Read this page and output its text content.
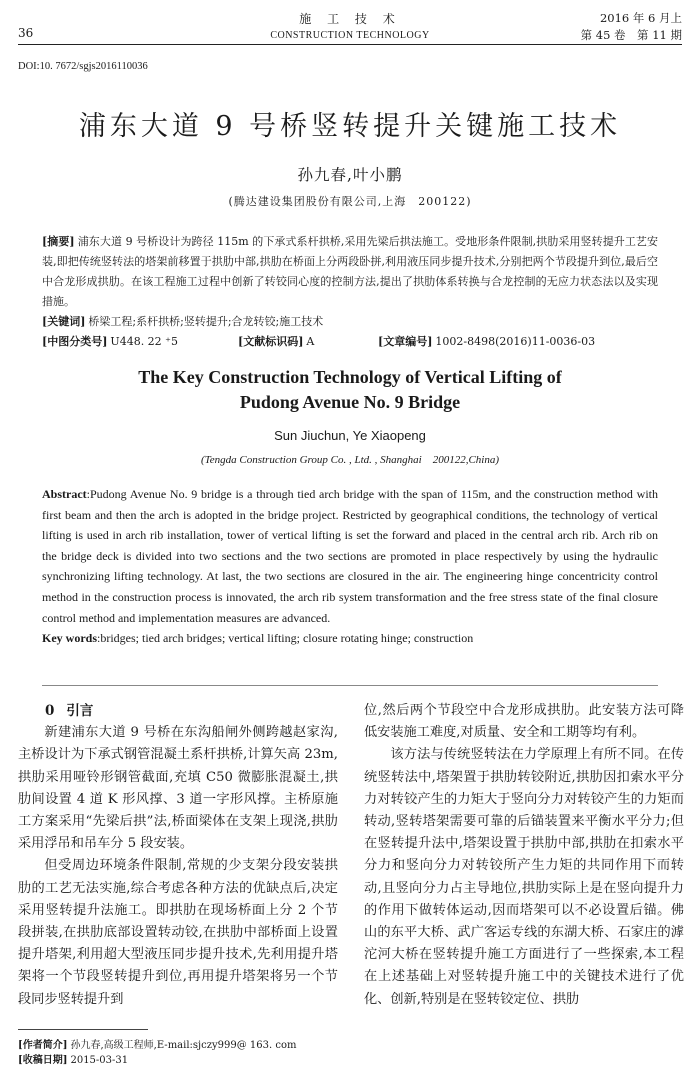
36
施 工 技 术
CONSTRUCTION TECHNOLOGY
2016 年 6 月上
第 45 卷　第 11 期
DOI:10. 7672/sgjs2016110036
浦东大道 9 号桥竖转提升关键施工技术
孙九春,叶小鹏
(腾达建设集团股份有限公司,上海　200122)
[摘要] 浦东大道 9 号桥设计为跨径 115m 的下承式系杆拱桥,采用先梁后拱法施工。受地形条件限制,拱肋采用竖转提升工艺安装,即把传统竖转法的塔架前移置于拱肋中部,拱肋在桥面上分两段卧拼,利用液压同步提升技术,分别把两个节段提升到位,最后空中合龙形成拱肋。在该工程施工过程中创新了转铰同心度的控制方法,提出了拱肋体系转换与合龙控制的无应力状态法以及实现措施。
[关键词] 桥梁工程;系杆拱桥;竖转提升;合龙转铰;施工技术
[中图分类号] U448. 22 ⁺5	[文献标识码] A	[文章编号] 1002-8498(2016)11-0036-03
The Key Construction Technology of Vertical Lifting of
Pudong Avenue No. 9 Bridge
Sun Jiuchun, Ye Xiaopeng
(Tengda Construction Group Co. , Ltd. , Shanghai　200122,China)
Abstract:Pudong Avenue No. 9 bridge is a through tied arch bridge with the span of 115m, and the construction method with first beam and then the arch is adopted in the bridge project. Restricted by geographical conditions, the technology of vertical lifting is used in arch rib installation, tower of vertical lifting is set the forward and placed in the central arch rib. Arch rib on the bridge deck is divided into two sections and the two sections are promoted in place respectively by using the hydraulic synchronizing lifting technology. At last, the two sections are closured in the air. The engineering hinge concentricity control method in the construction process is innovated, the arch rib system transformation and the free stress state of the final closure control method and implementation measures are advanced.
Key words:bridges; tied arch bridges; vertical lifting; closure rotating hinge; construction

0 引言

新建浦东大道 9 号桥在东沟船闸外侧跨越赵家沟,主桥设计为下承式钢管混凝土系杆拱桥,计算矢高 23m,拱肋采用哑铃形钢管截面,充填 C50 微膨胀混凝土,拱肋间设置 4 道 K 形风撑、3 道一字形风撑。主桥原施工方案采用“先梁后拱”法,桥面梁体在支架上现浇,拱肋采用浮吊和吊车分 5 段安装。

但受周边环境条件限制,常规的少支架分段安装拱肋的工艺无法实施,综合考虑各种方法的优缺点后,决定采用竖转提升法施工。即拱肋在现场桥面上分 2 个节段拼装,在拱肋底部设置转动铰,在拱肋中部桥面上设置提升塔架,利用超大型液压同步提升技术,先利用提升塔架将一个节段竖转提升到位,再用提升塔架将另一个节段同步竖转提升到

位,然后两个节段空中合龙形成拱肋。此安装方法可降低安装施工难度,对质量、安全和工期等均有利。

该方法与传统竖转法在力学原理上有所不同。在传统竖转法中,塔架置于拱肋转铰附近,拱肋因扣索水平分力对转铰产生的力矩大于竖向分力对转铰产生的力矩而转动,竖转塔架需要可靠的后锚装置来平衡水平分力;但在竖转提升法中,塔架设置于拱肋中部,拱肋在扣索水平分力和竖向分力对转铰所产生力矩的共同作用下而转动,且竖向分力占主导地位,拱肋实际上是在竖向提升力的作用下做转体运动,因而塔架可以不必设置后锚。佛山的东平大桥、武广客运专线的东湖大桥、石家庄的滹沱河大桥在竖转提升施工方面进行了一些探索,本工程在上述基础上对竖转提升施工中的关键技术进行了优化、创新,特别是在竖转铰定位、拱肋

[作者简介] 孙九春,高级工程师,E-mail:sjczy999@ 163. com
[收稿日期] 2015-03-31
